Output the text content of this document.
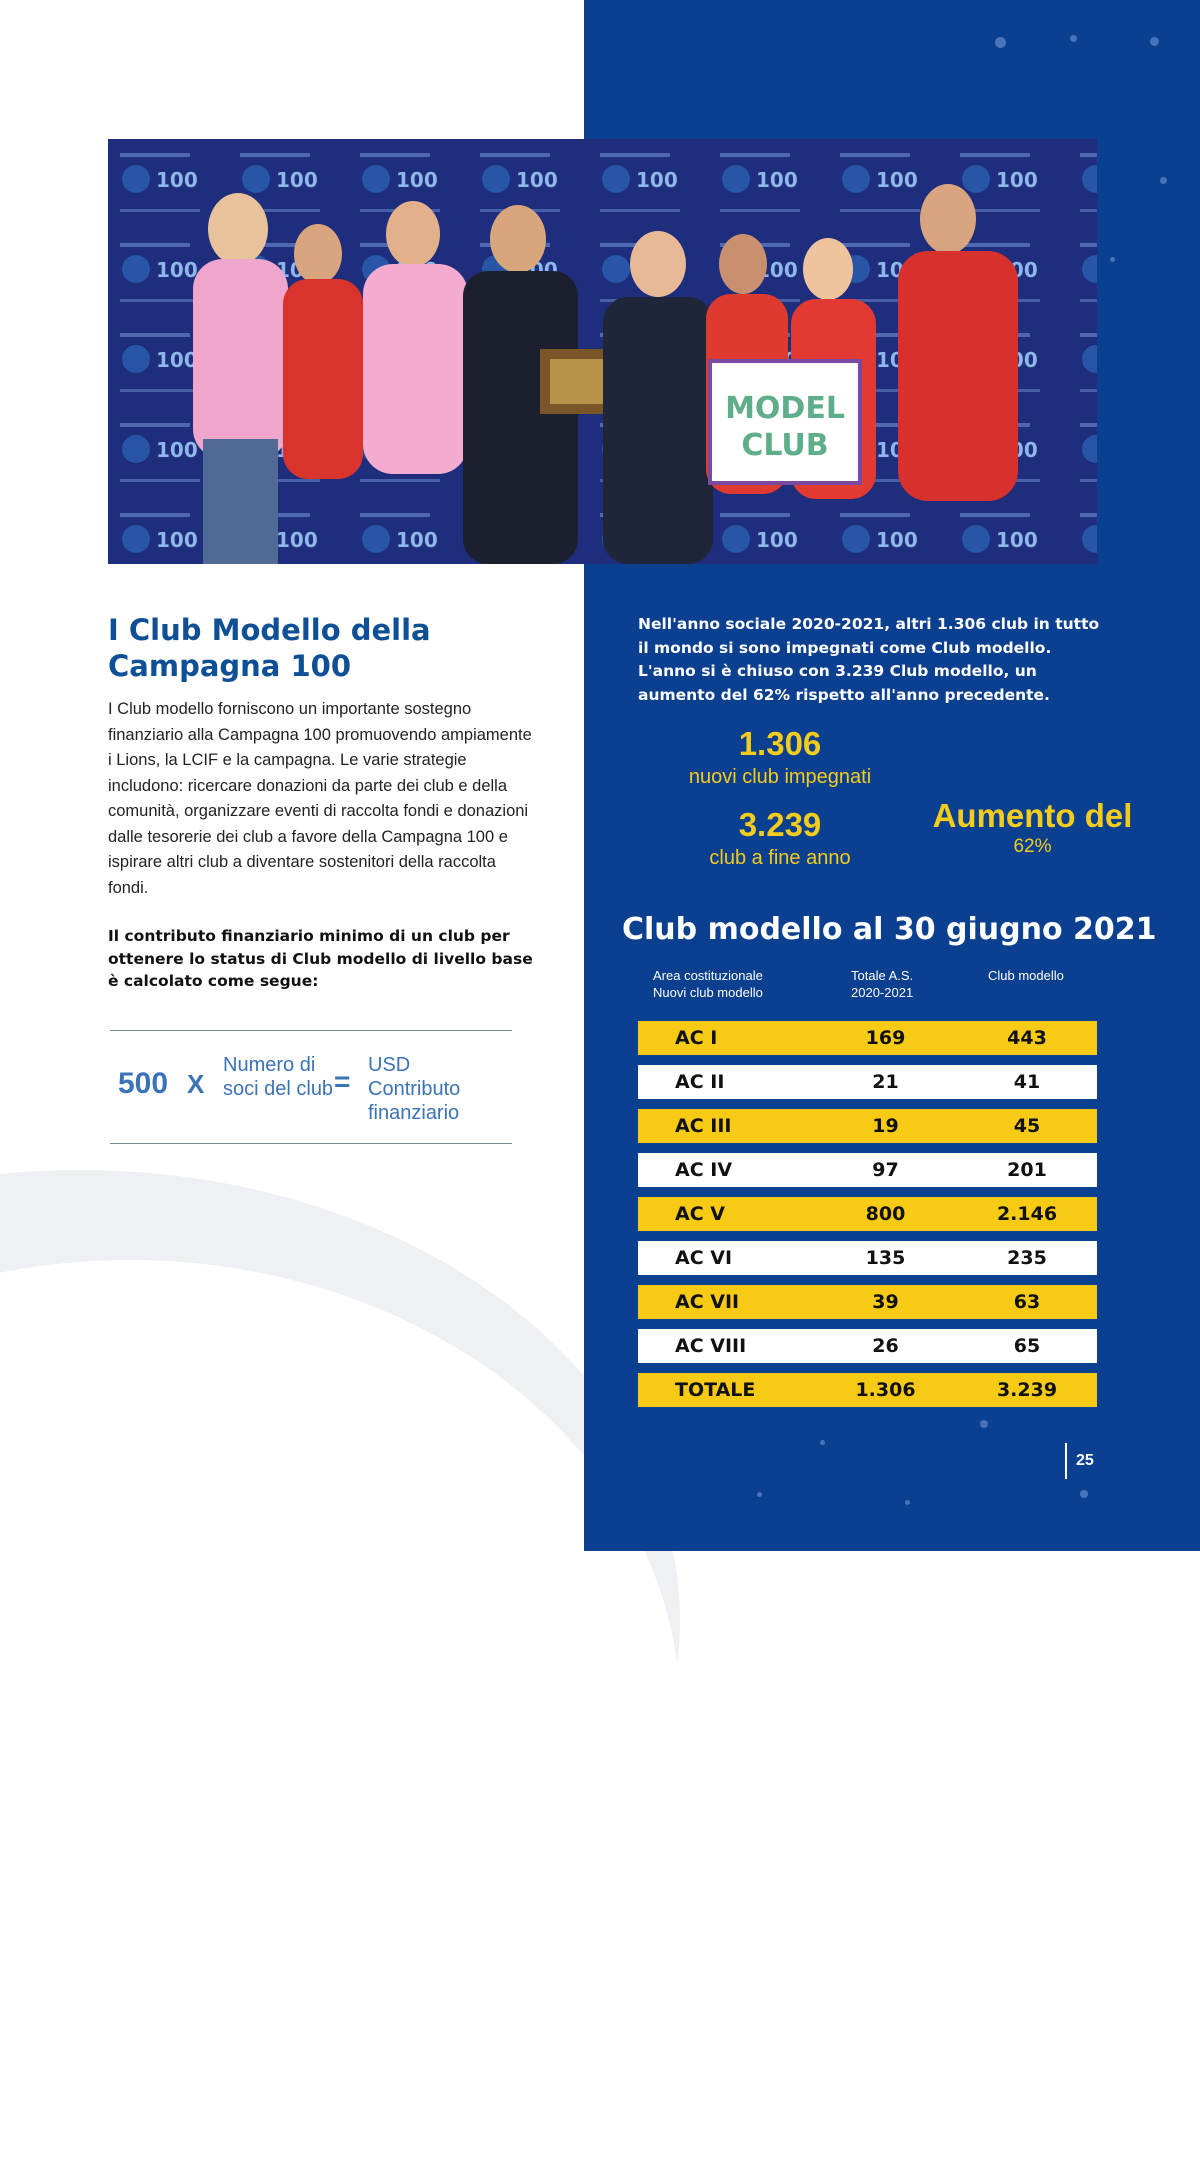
MODEL
CLUB
I Club Modello della
Campagna 100

I Club modello forniscono un importante sostegno finanziario alla Campagna 100 promuovendo ampiamente i Lions, la LCIF e la campagna. Le varie strategie includono: ricercare donazioni da parte dei club e della comunità, organizzare eventi di raccolta fondi e donazioni dalle tesorerie dei club a favore della Campagna 100 e ispirare altri club a diventare sostenitori della raccolta fondi.

Il contributo finanziario minimo di un club per ottenere lo status di Club modello di livello base è calcolato come segue:

500 X
Numero di soci del club =
USD Contributo finanziario

Nell'anno sociale 2020-2021, altri 1.306 club in tutto il mondo si sono impegnati come Club modello. L'anno si è chiuso con 3.239 Club modello, un aumento del 62% rispetto all'anno precedente.

1.306
nuovi club impegnati
3.239
club a fine anno
Aumento del
62%
Club modello al 30 giugno 2021
Area costituzionale
Nuovi club modello
Totale A.S.
2020-2021
Club modello
AC I	169	443
AC II	21	41
AC III	19	45
AC IV	97	201
AC V	800	2.146
AC VI	135	235
AC VII	39	63
AC VIII	26	65
TOTALE	1.306	3.239
25
